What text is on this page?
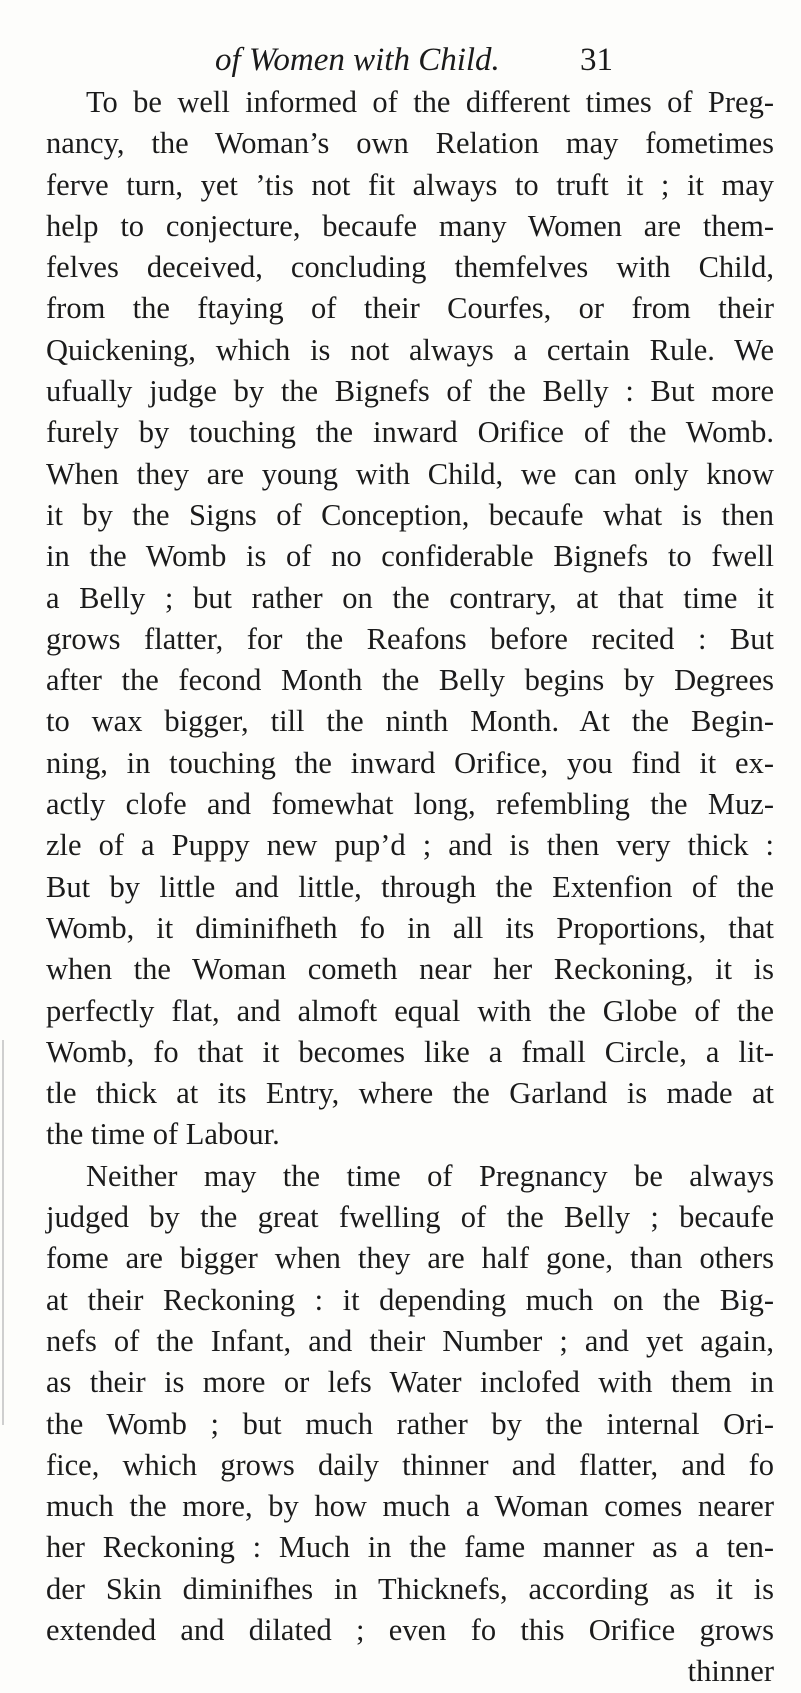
of Women with Child. 31
To be well informed of the different times of Preg-
nancy, the Woman’s own Relation may fometimes
ferve turn, yet ’tis not fit always to truft it ; it may
help to conjecture, becaufe many Women are them-
felves deceived, concluding themfelves with Child,
from the ftaying of their Courfes, or from their
Quickening, which is not always a certain Rule. We
ufually judge by the Bignefs of the Belly : But more
furely by touching the inward Orifice of the Womb.
When they are young with Child, we can only know
it by the Signs of Conception, becaufe what is then
in the Womb is of no confiderable Bignefs to fwell
a Belly ; but rather on the contrary, at that time it
grows flatter, for the Reafons before recited : But
after the fecond Month the Belly begins by Degrees
to wax bigger, till the ninth Month. At the Begin-
ning, in touching the inward Orifice, you find it ex-
actly clofe and fomewhat long, refembling the Muz-
zle of a Puppy new pup’d ; and is then very thick :
But by little and little, through the Extenfion of the
Womb, it diminifheth fo in all its Proportions, that
when the Woman cometh near her Reckoning, it is
perfectly flat, and almoft equal with the Globe of the
Womb, fo that it becomes like a fmall Circle, a lit-
tle thick at its Entry, where the Garland is made at
the time of Labour.
Neither may the time of Pregnancy be always
judged by the great fwelling of the Belly ; becaufe
fome are bigger when they are half gone, than others
at their Reckoning : it depending much on the Big-
nefs of the Infant, and their Number ; and yet again,
as their is more or lefs Water inclofed with them in
the Womb ; but much rather by the internal Ori-
fice, which grows daily thinner and flatter, and fo
much the more, by how much a Woman comes nearer
her Reckoning : Much in the fame manner as a ten-
der Skin diminifhes in Thicknefs, according as it is
extended and dilated ; even fo this Orifice grows
thinner
